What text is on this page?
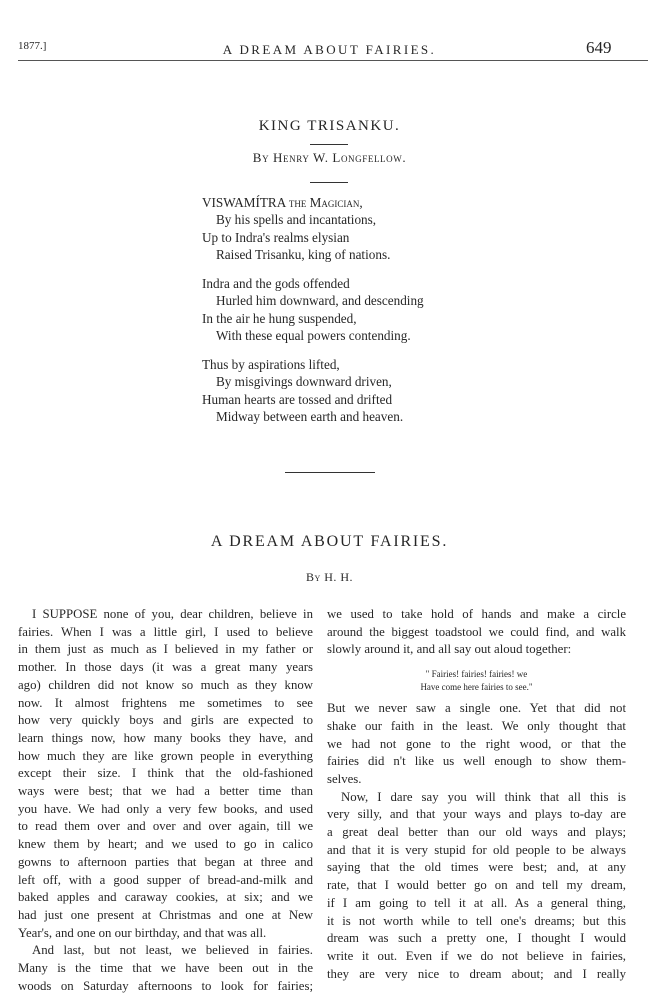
1877.]	A DREAM ABOUT FAIRIES.	649
KING TRISANKU.
By Henry W. Longfellow.
VISWAMÍTRA the Magician,
By his spells and incantations,
Up to Indra's realms elysian
Raised Trisanku, king of nations.
Indra and the gods offended
Hurled him downward, and descending
In the air he hung suspended,
With these equal powers contending.
Thus by aspirations lifted,
By misgivings downward driven,
Human hearts are tossed and drifted
Midway between earth and heaven.
A DREAM ABOUT FAIRIES.
By H. H.
I SUPPOSE none of you, dear children, believe in
fairies. When I was a little girl, I used to believe
in them just as much as I believed in my father or
mother. In those days (it was a great many years
ago) children did not know so much as they know
now. It almost frightens me sometimes to see
how very quickly boys and girls are expected to
learn things now, how many books they have, and
how much they are like grown people in everything
except their size. I think that the old-fashioned
ways were best; that we had a better time than
you have. We had only a very few books, and used
to read them over and over and over again, till we
knew them by heart; and we used to go in calico
gowns to afternoon parties that began at three and
left off, with a good supper of bread-and-milk and
baked apples and caraway cookies, at six; and we
had just one present at Christmas and one at New
Year's, and one on our birthday, and that was all.
And last, but not least, we believed in fairies.
Many is the time that we have been out in the
woods on Saturday afternoons to look for fairies;
we used to take hold of hands and make a circle
around the biggest toadstool we could find, and walk
slowly around it, and all say out aloud together:
" Fairies! fairies! fairies! we
Have come here fairies to see."
But we never saw a single one. Yet that did not
shake our faith in the least. We only thought that
we had not gone to the right wood, or that the
fairies did n't like us well enough to show them-
selves.
Now, I dare say you will think that all this is
very silly, and that your ways and plays to-day are
a great deal better than our old ways and plays;
and that it is very stupid for old people to be always
saying that the old times were best; and, at any
rate, that I would better go on and tell my dream,
if I am going to tell it at all. As a general thing,
it is not worth while to tell one's dreams; but this
dream was such a pretty one, I thought I would
write it out. Even if we do not believe in fairies,
they are very nice to dream about; and I really
